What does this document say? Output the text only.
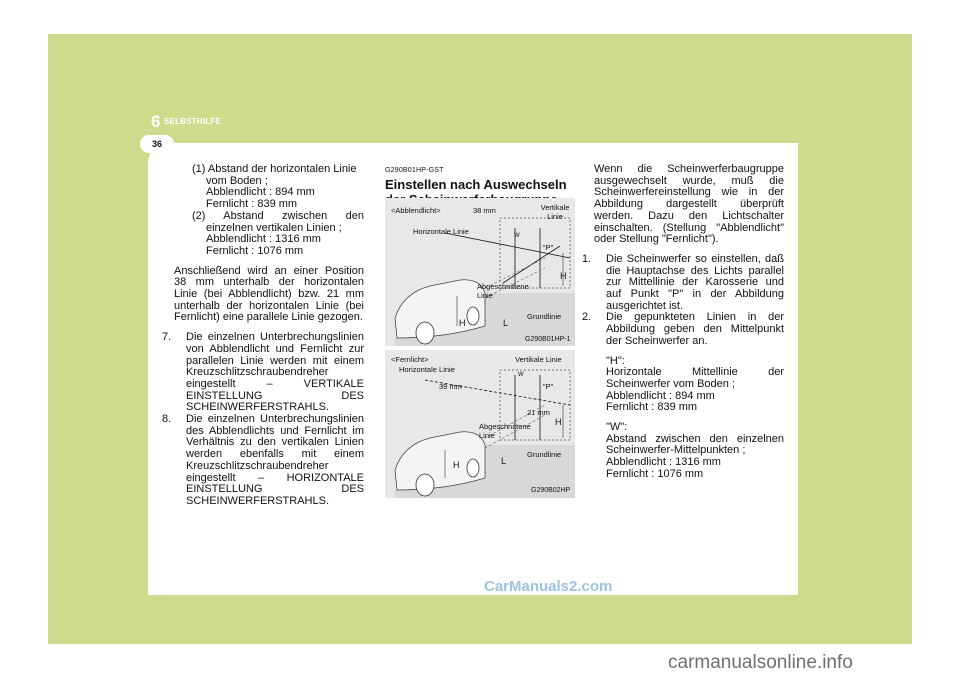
6 SELBSTHILFE
36

(1) Abstand der horizontalen Linie

vom Boden ;

Abblendlicht : 894 mm

Fernlicht : 839 mm

(2) Abstand zwischen den

einzelnen vertikalen Linien ;

Abblendlicht : 1316 mm

Fernlicht : 1076 mm

Anschließend wird an einer Position 38 mm unterhalb der horizontalen Linie (bei Abblendlicht) bzw. 21 mm unterhalb der horizontalen Linie (bei Fernlicht) eine parallele Linie gezogen.

7. Die einzelnen Unterbrechungslinien von Abblendlicht und Fernlicht zur parallelen Linie werden mit einem Kreuzschlitzschraubendreher eingestellt – VERTIKALE EINSTELLUNG DES SCHEINWERFERSTRAHLS.

8. Die einzelnen Unterbrechungslinien des Abblendlichts und Fernlicht im Verhältnis zu den vertikalen Linien werden ebenfalls mit einem Kreuzschlitzschraubendreher eingestellt – HORIZONTALE EINSTELLUNG DES SCHEINWERFERSTRAHLS.

G290B01HP-GST

Einstellen nach Auswechseln

<Abblendlicht>	38 mm	Vertikale Linie
Horizontale Linie	W
"P"
H
Abgeschnittene Linie
Grundlinie
H	L
G290B01HP-1
<Fernlicht>
Horizontale Linie
Vertikale Linie
39 mm
W
"P"
21 mm
H
Abgeschnittene Linie
Grundlinie
H	L
G290B02HP

Wenn die Scheinwerferbaugruppe ausgewechselt wurde, muß die Scheinwerfereinstellung wie in der Abbildung dargestellt überprüft werden. Dazu den Lichtschalter einschalten. (Stellung "Abblendlicht" oder Stellung "Fernlicht").

1. Die Scheinwerfer so einstellen, daß die Hauptachse des Lichts parallel zur Mittellinie der Karosserie und auf Punkt "P" in der Abbildung ausgerichtet ist.

2. Die gepunkteten Linien in der Abbildung geben den Mittelpunkt der Scheinwerfer an.

"H":

Horizontale Mittellinie der Scheinwerfer vom Boden ;

Abblendlicht : 894 mm

Fernlicht : 839 mm

"W":

Abstand zwischen den einzelnen Scheinwerfer-Mittelpunkten ;

Abblendlicht : 1316 mm

Fernlicht : 1076 mm

CarManuals2.com
carmanualsonline.info
